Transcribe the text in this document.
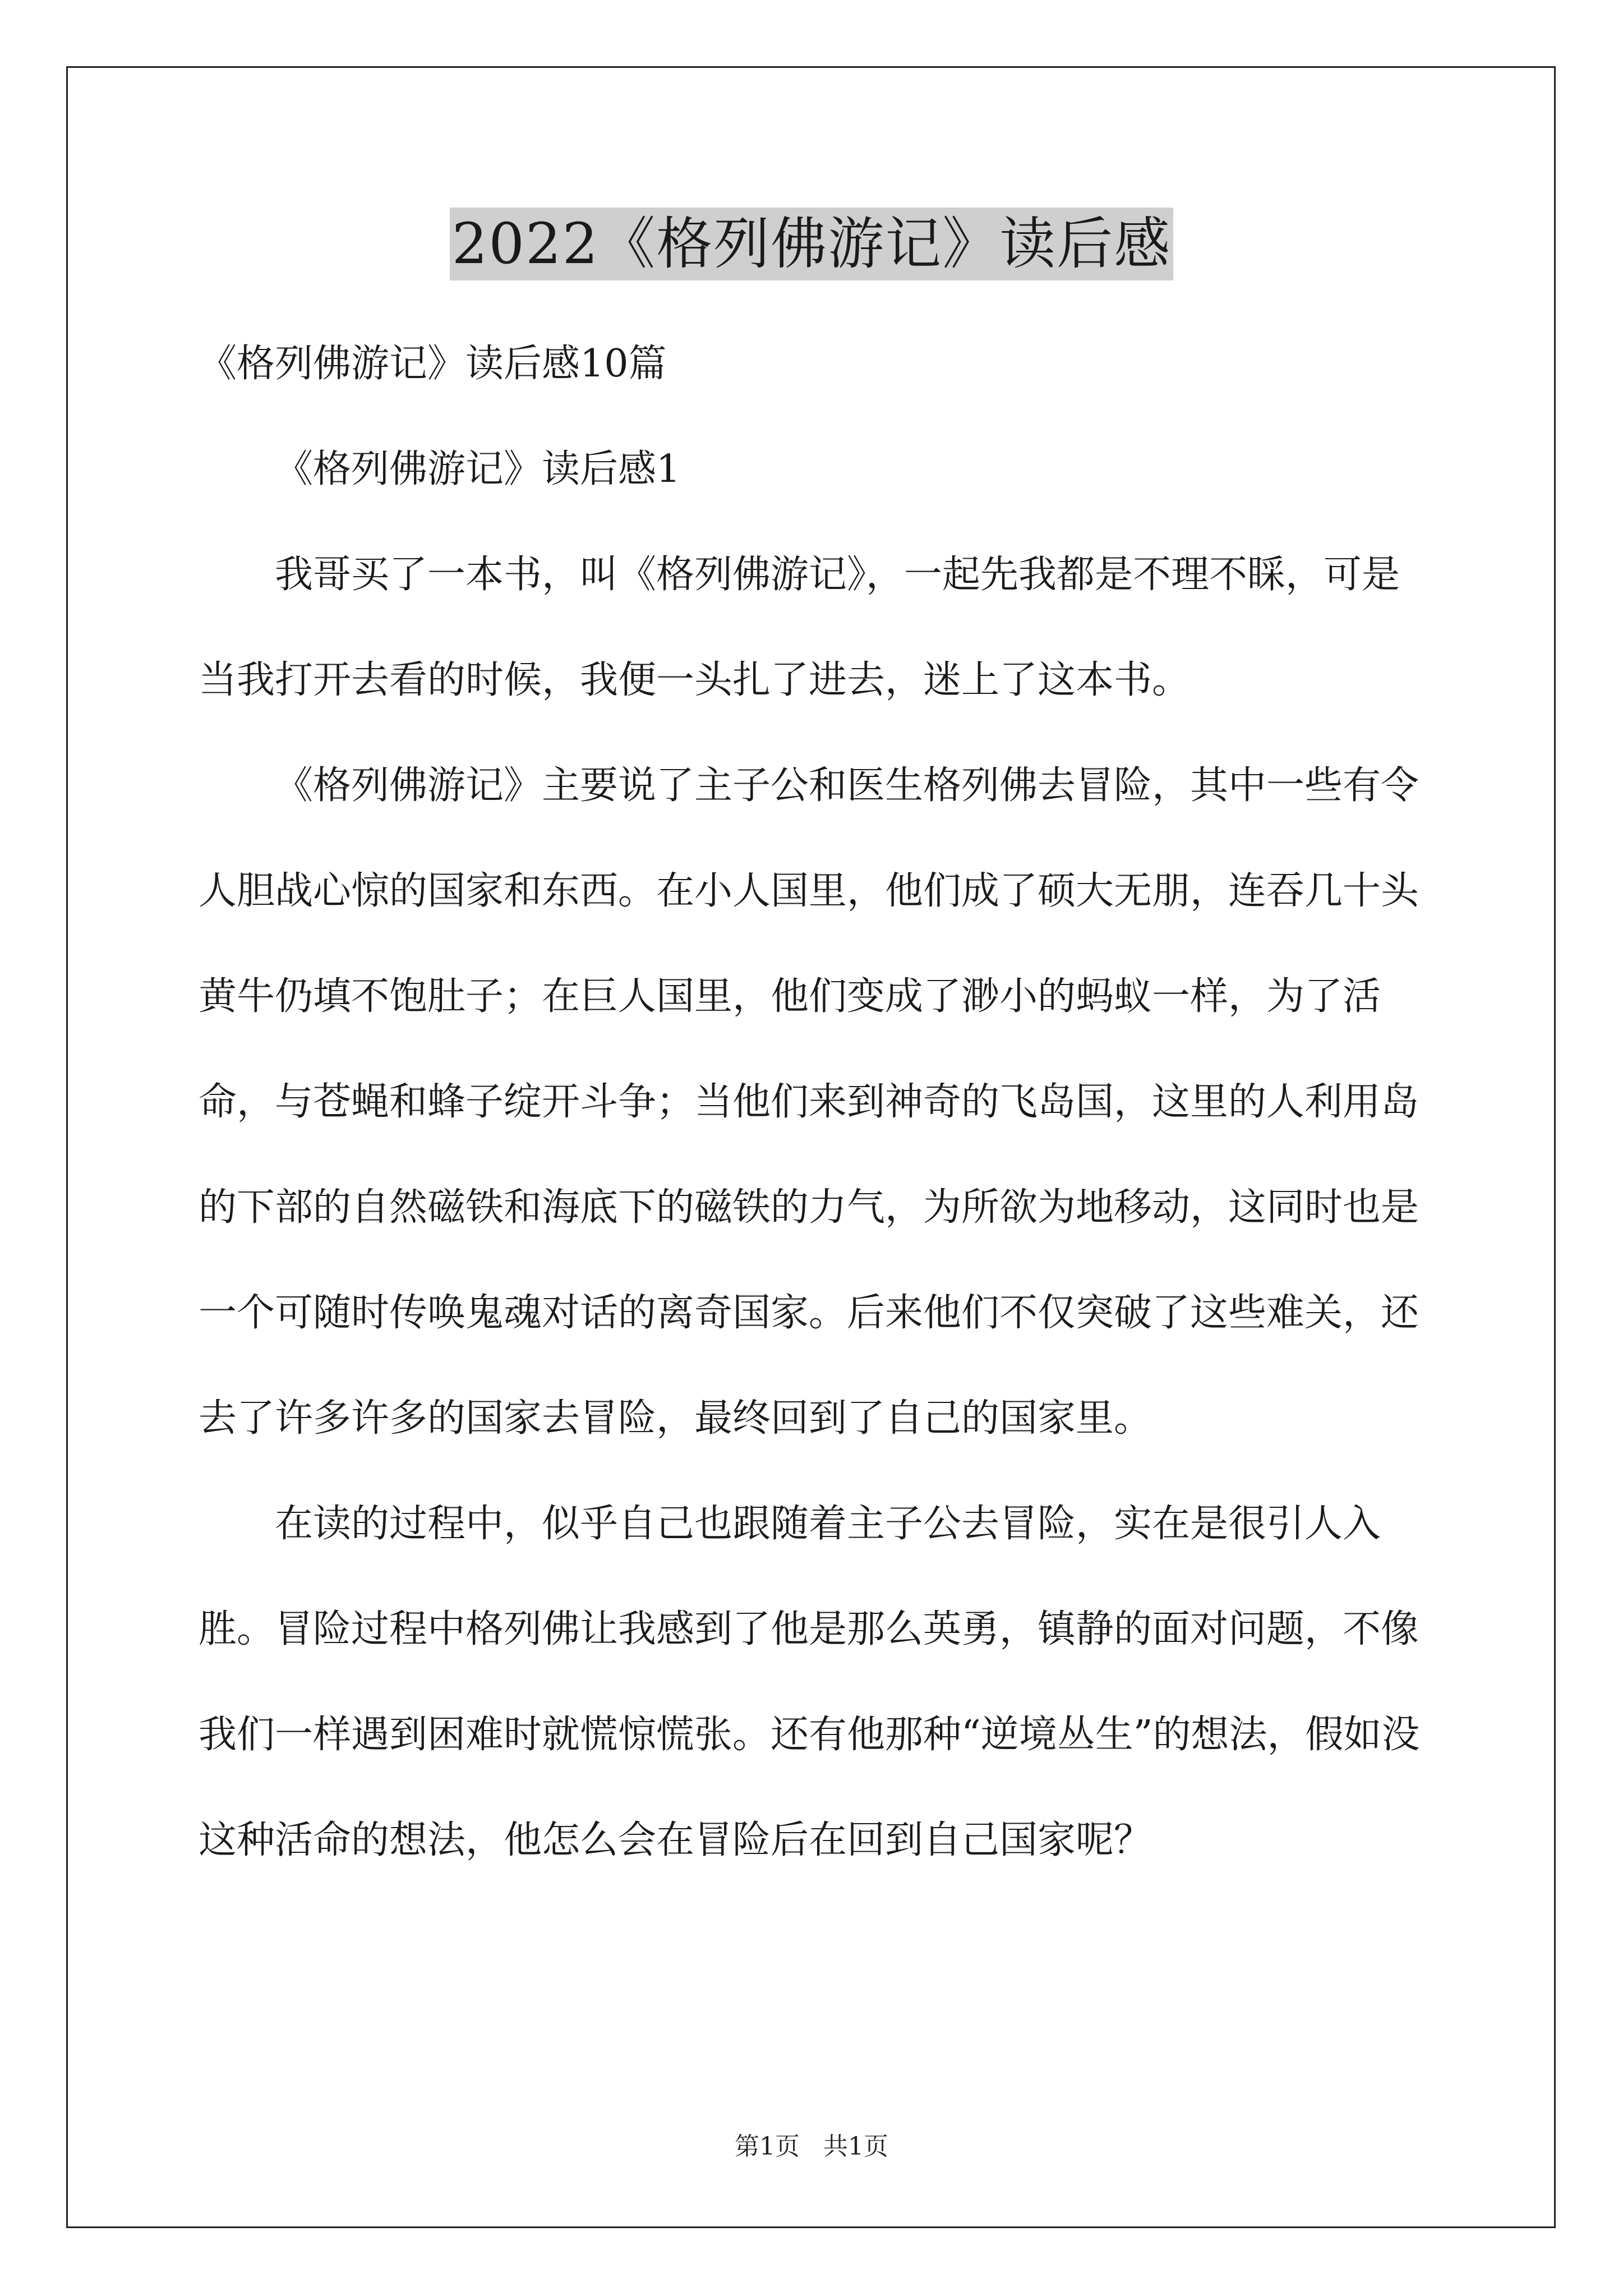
2022《格列佛游记》读后感

《格列佛游记》读后感10篇

《格列佛游记》读后感1

我哥买了一本书，叫《格列佛游记》，一起先我都是不理不睬，可是当我打开去看的时候，我便一头扎了进去，迷上了这本书。

《格列佛游记》主要说了主子公和医生格列佛去冒险，其中一些有令人胆战心惊的国家和东西。在小人国里，他们成了硕大无朋，连吞几十头黄牛仍填不饱肚子；在巨人国里，他们变成了渺小的蚂蚁一样，为了活命，与苍蝇和蜂子绽开斗争；当他们来到神奇的飞岛国，这里的人利用岛的下部的自然磁铁和海底下的磁铁的力气，为所欲为地移动，这同时也是一个可随时传唤鬼魂对话的离奇国家。后来他们不仅突破了这些难关，还去了许多许多的国家去冒险，最终回到了自己的国家里。

在读的过程中，似乎自己也跟随着主子公去冒险，实在是很引人入胜。冒险过程中格列佛让我感到了他是那么英勇，镇静的面对问题，不像我们一样遇到困难时就慌惊慌张。还有他那种“逆境丛生”的想法，假如没这种活命的想法，他怎么会在冒险后在回到自己国家呢？

第1页 共1页
